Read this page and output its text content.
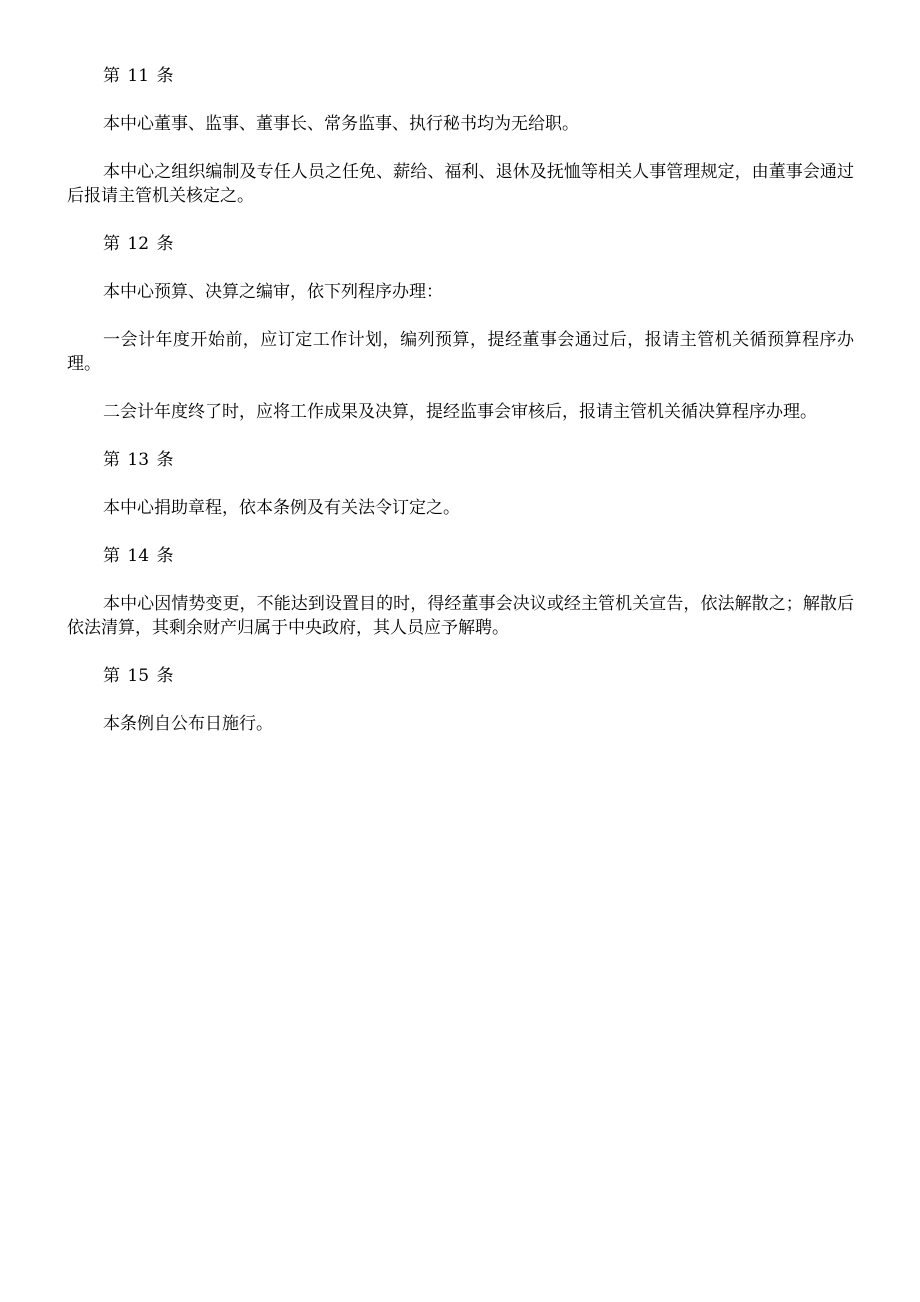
第 11 条

本中心董事、监事、董事长、常务监事、执行秘书均为无给职。

本中心之组织编制及专任人员之任免、薪给、福利、退休及抚恤等相关人事管理规定，由董事会通过后报请主管机关核定之。

第 12 条

本中心预算、决算之编审，依下列程序办理：

一会计年度开始前，应订定工作计划，编列预算，提经董事会通过后，报请主管机关循预算程序办理。

二会计年度终了时，应将工作成果及决算，提经监事会审核后，报请主管机关循决算程序办理。

第 13 条

本中心捐助章程，依本条例及有关法令订定之。

第 14 条

本中心因情势变更，不能达到设置目的时，得经董事会决议或经主管机关宣告，依法解散之；解散后依法清算，其剩余财产归属于中央政府，其人员应予解聘。

第 15 条

本条例自公布日施行。
